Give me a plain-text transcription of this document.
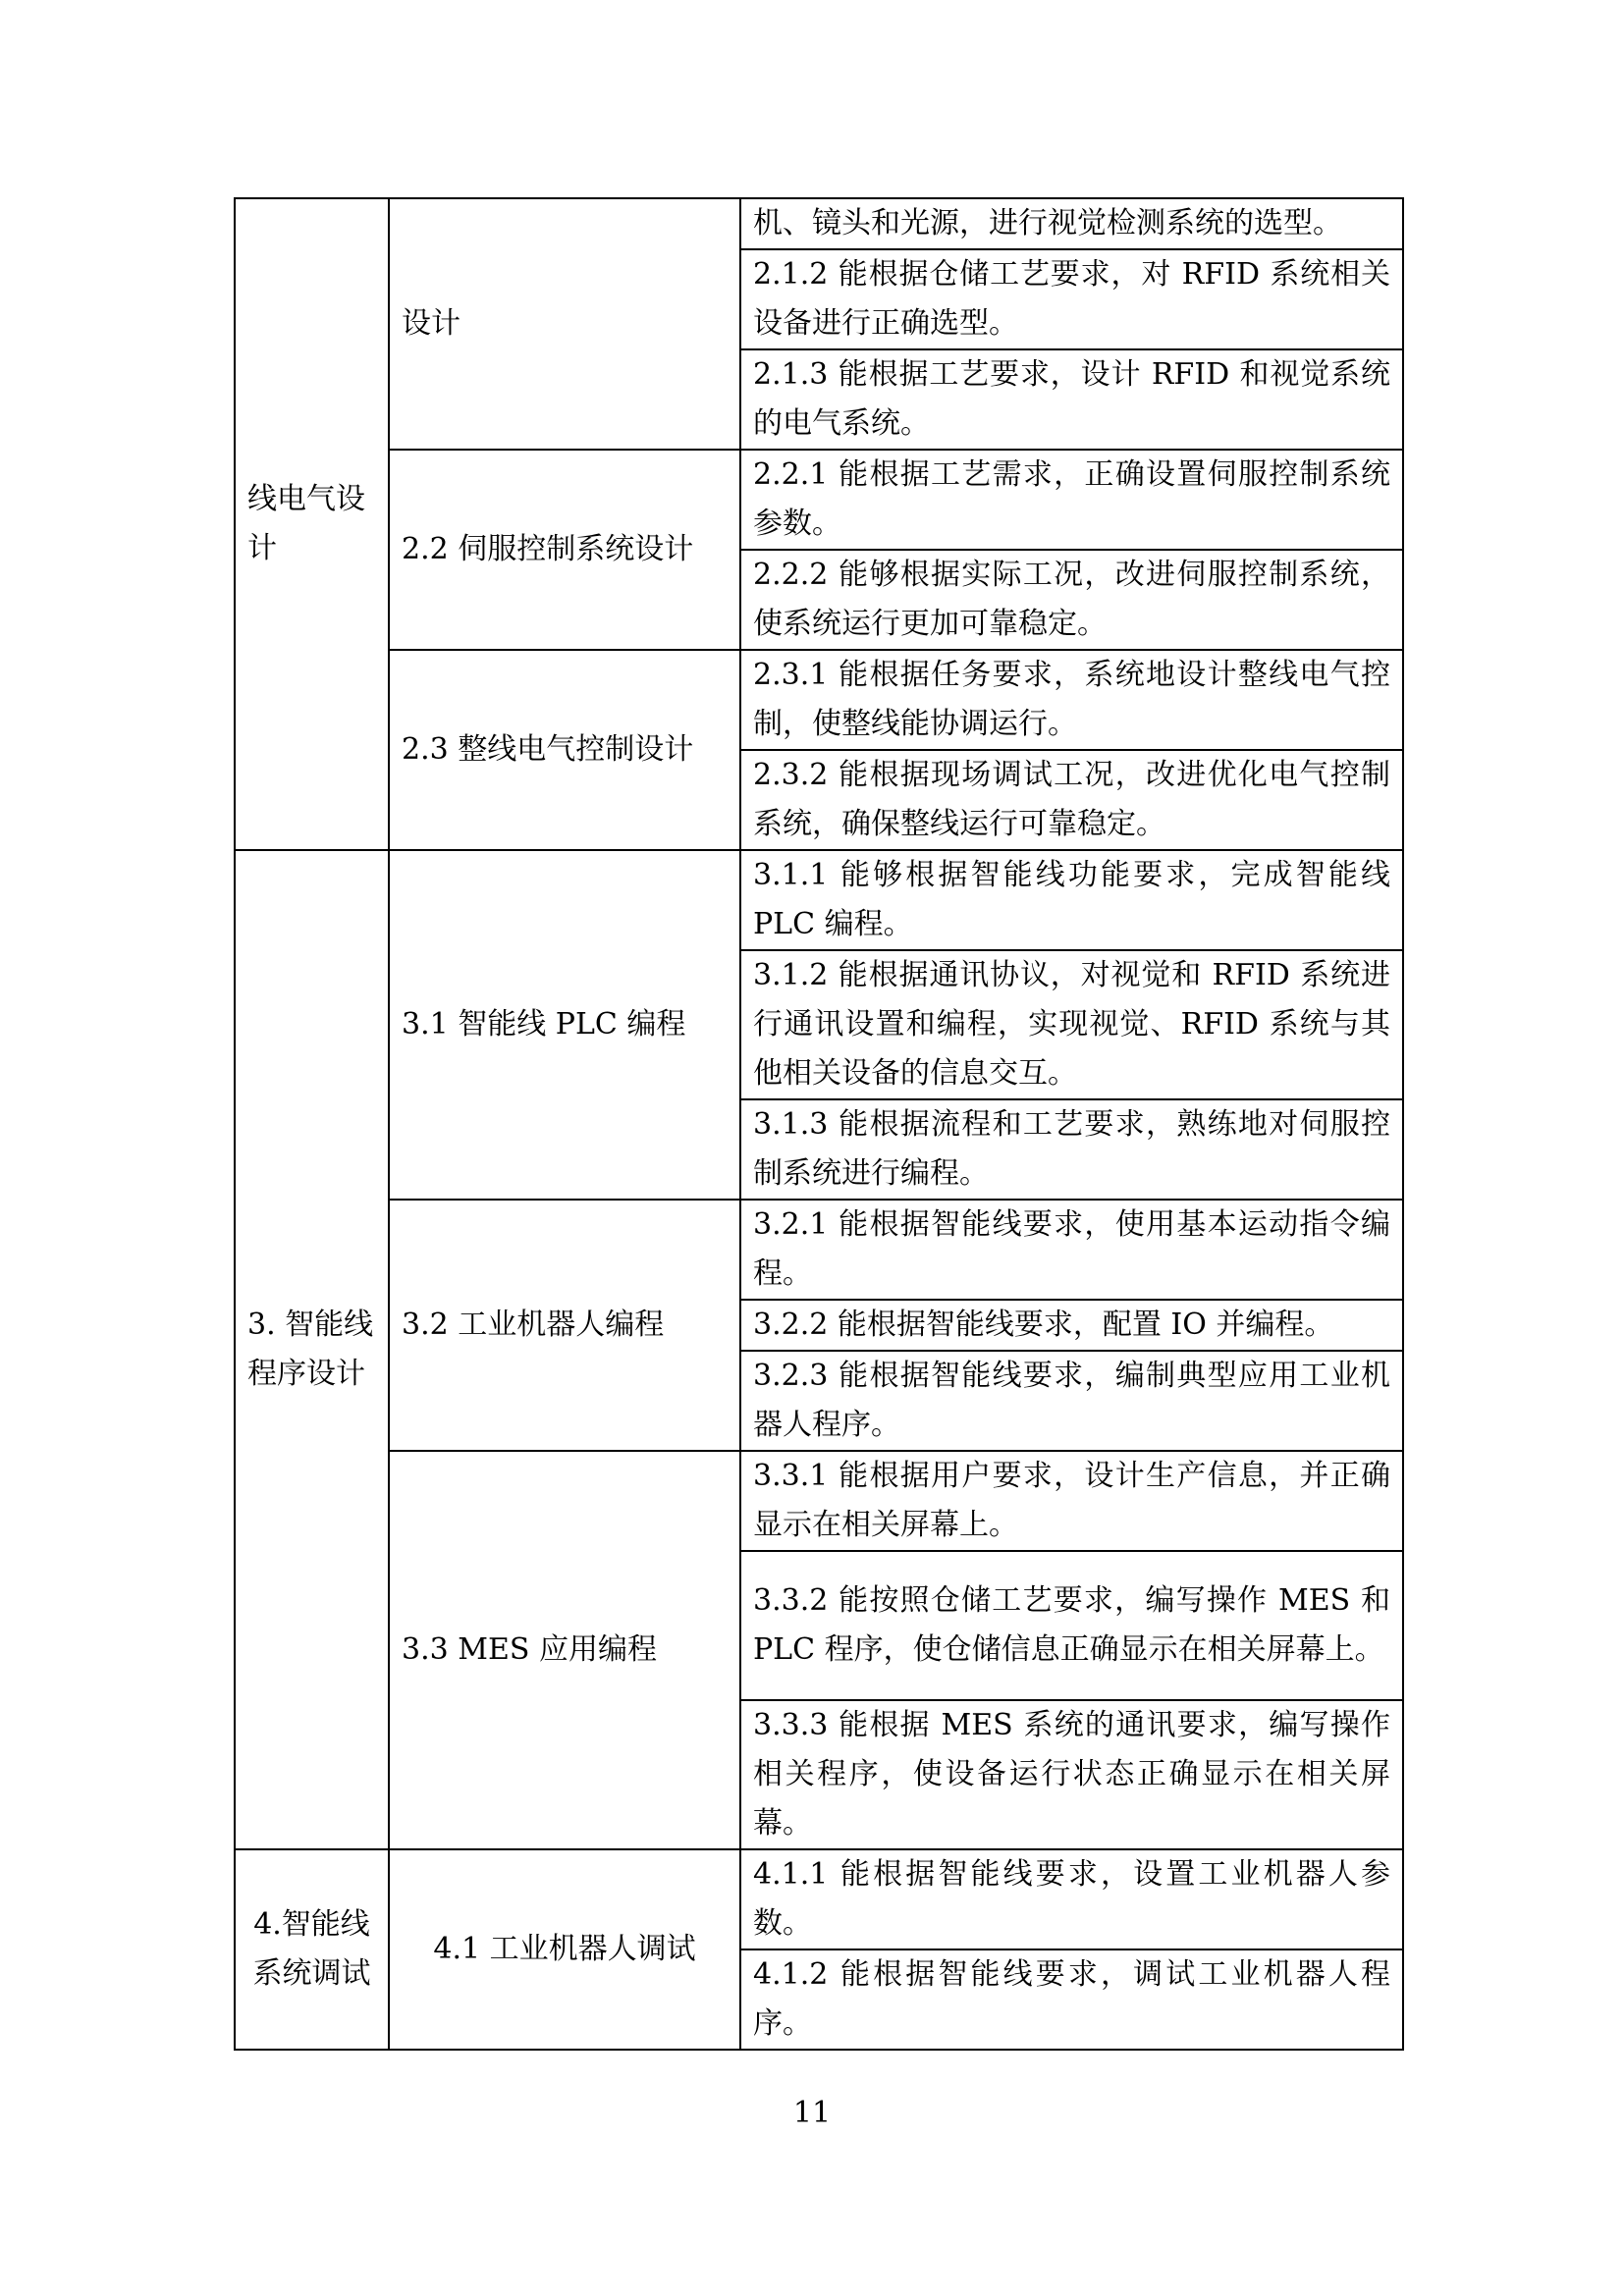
线电气设计	设计	机、镜头和光源，进行视觉检测系统的选型。
		2.1.2 能根据仓储工艺要求，对 RFID 系统相关设备进行正确选型。
		2.1.3 能根据工艺要求，设计 RFID 和视觉系统的电气系统。
	2.2 伺服控制系统设计	2.2.1 能根据工艺需求，正确设置伺服控制系统参数。
		2.2.2 能够根据实际工况，改进伺服控制系统，使系统运行更加可靠稳定。
	2.3 整线电气控制设计	2.3.1 能根据任务要求，系统地设计整线电气控制，使整线能协调运行。
		2.3.2 能根据现场调试工况，改进优化电气控制系统，确保整线运行可靠稳定。
3. 智能线程序设计	3.1 智能线 PLC 编程	3.1.1 能够根据智能线功能要求，完成智能线 PLC 编程。
		3.1.2 能根据通讯协议，对视觉和 RFID 系统进行通讯设置和编程，实现视觉、RFID 系统与其他相关设备的信息交互。
		3.1.3 能根据流程和工艺要求，熟练地对伺服控制系统进行编程。
	3.2 工业机器人编程	3.2.1 能根据智能线要求，使用基本运动指令编程。
		3.2.2 能根据智能线要求，配置 IO 并编程。
		3.2.3 能根据智能线要求，编制典型应用工业机器人程序。
	3.3 MES 应用编程	3.3.1 能根据用户要求，设计生产信息，并正确显示在相关屏幕上。
		3.3.2 能按照仓储工艺要求，编写操作 MES 和 PLC 程序，使仓储信息正确显示在相关屏幕上。
		3.3.3 能根据 MES 系统的通讯要求，编写操作相关程序，使设备运行状态正确显示在相关屏幕。
4.智能线系统调试	4.1 工业机器人调试	4.1.1 能根据智能线要求，设置工业机器人参数。
		4.1.2 能根据智能线要求，调试工业机器人程序。
11
